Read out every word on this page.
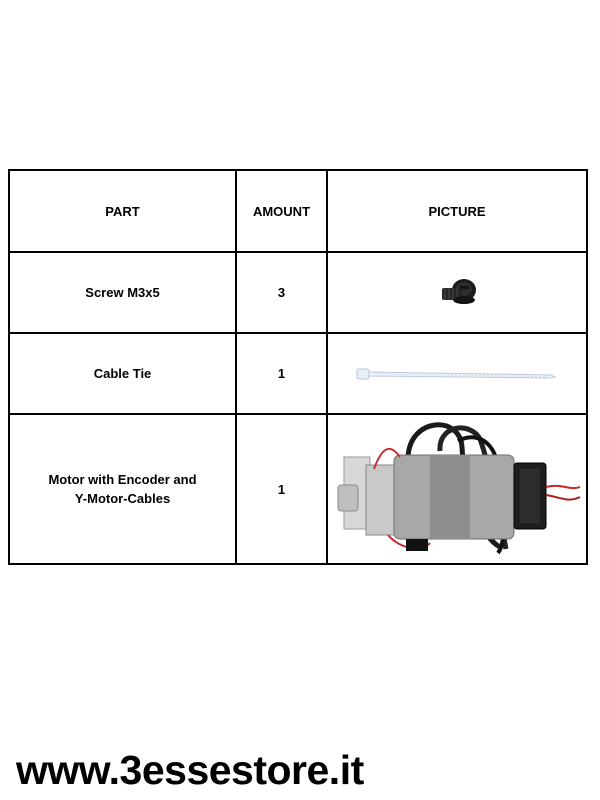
PART	AMOUNT	PICTURE
Screw M3x5	3	

Cable Tie	1	

Motor with Encoder and
Y-Motor-Cables	1	
www.3essestore.it
